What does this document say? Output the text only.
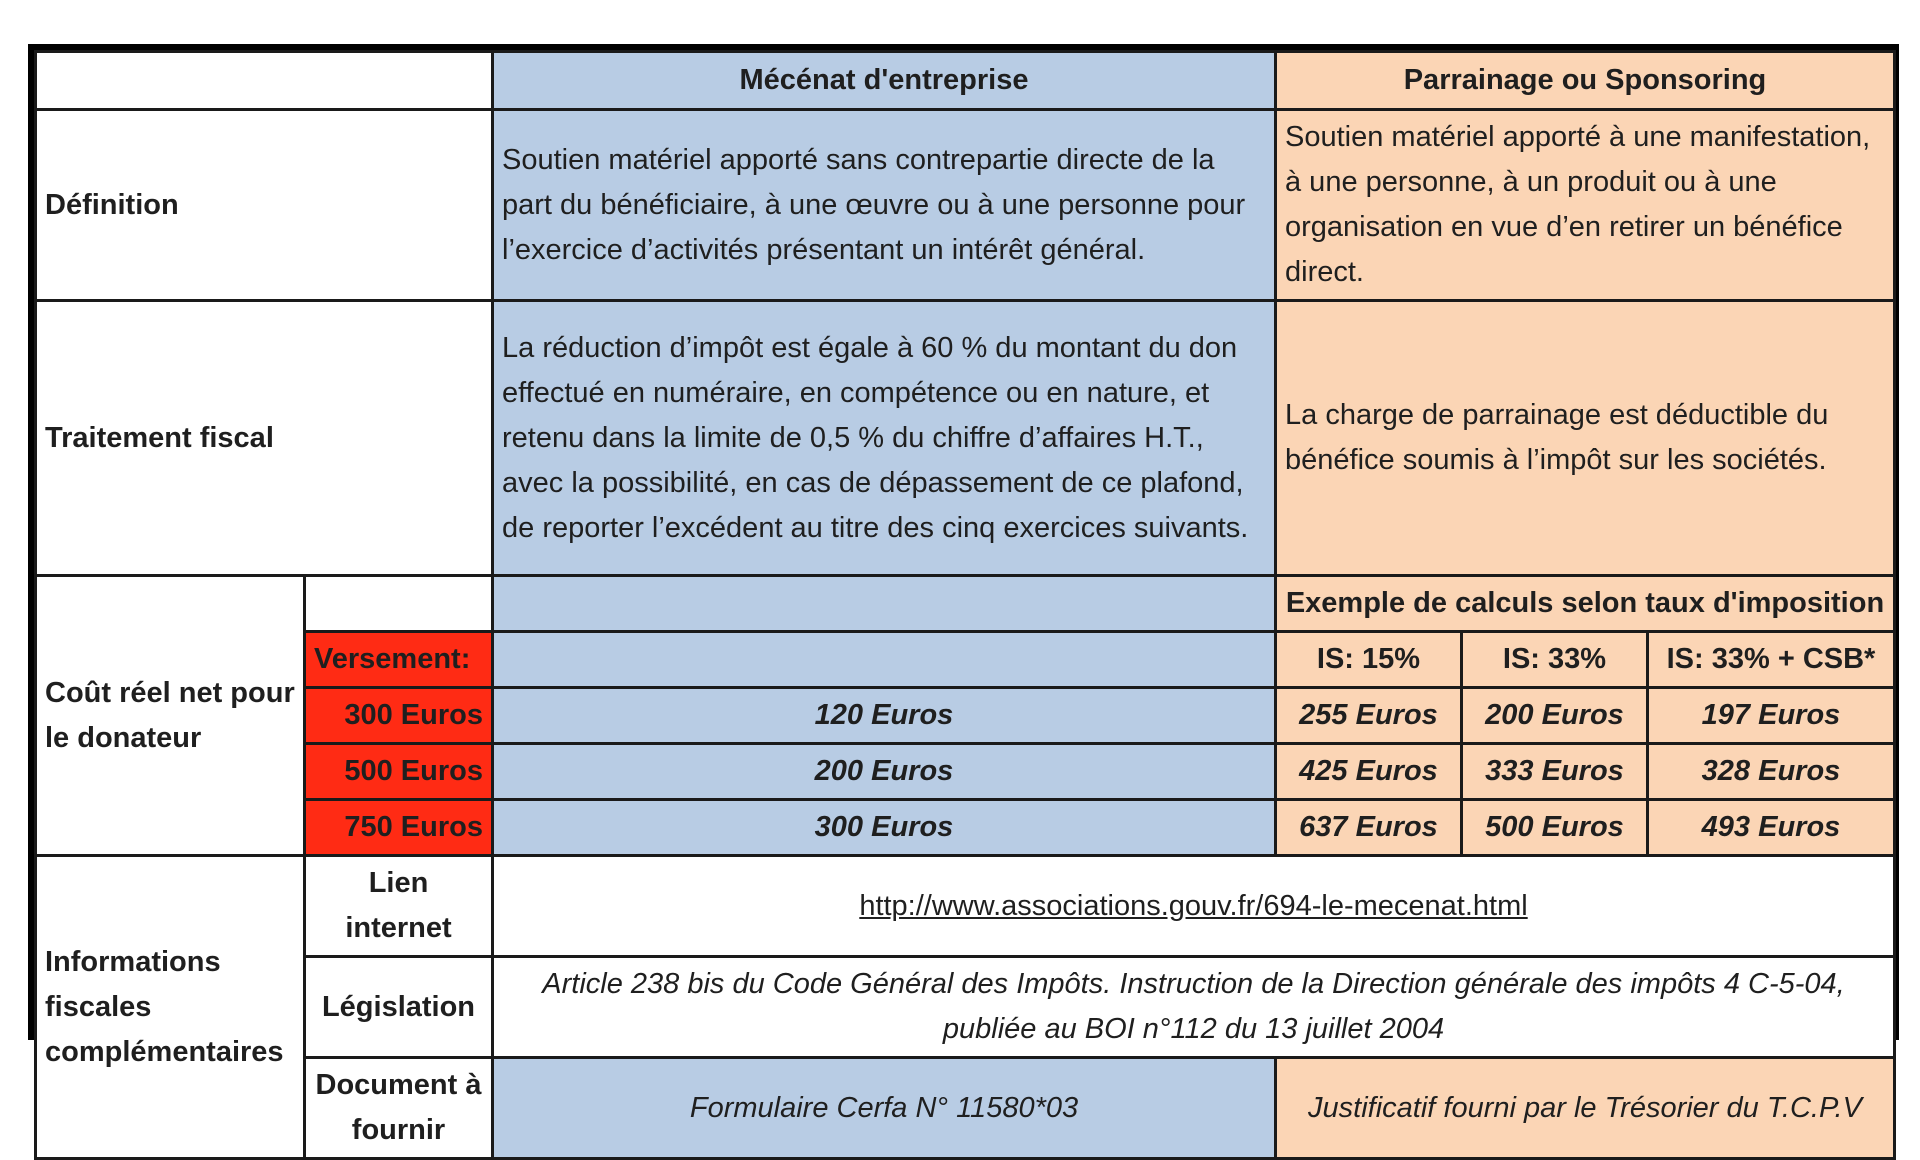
		Mécénat d'entreprise	Parrainage ou Sponsoring		
Définition		Soutien matériel apporté sans contrepartie directe de la part du bénéficiaire, à une œuvre ou à une personne pour l’exercice d’activités présentant un intérêt général.	Soutien matériel apporté à une manifestation, à une personne, à un produit ou à une organisation en vue d’en retirer un bénéfice direct.		
Traitement fiscal		La réduction d’impôt est égale à 60 % du montant du don effectué en numéraire, en compétence ou en nature, et retenu dans la limite de 0,5 % du chiffre d’affaires H.T., avec la possibilité, en cas de dépassement de ce plafond, de reporter l’excédent au titre des cinq exercices suivants.	La charge de parrainage est déductible du bénéfice soumis à l’impôt sur les sociétés.		
Coût réel net pour le donateur			Exemple de calculs selon taux d'imposition		
	Versement:		IS: 15%	IS: 33%	IS: 33% + CSB*
	300 Euros	120 Euros	255 Euros	200 Euros	197 Euros
	500 Euros	200 Euros	425 Euros	333 Euros	328 Euros
	750 Euros	300 Euros	637 Euros	500 Euros	493 Euros
Informations fiscales complémentaires	Lien internet	http://www.associations.gouv.fr/694-le-mecenat.html			
	Législation	Article 238 bis du Code Général des Impôts. Instruction de la Direction générale des impôts 4 C-5-04, publiée au BOI n°112 du 13 juillet 2004			
	Document à fournir	Formulaire Cerfa N° 11580*03	Justificatif fourni par le Trésorier du T.C.P.V		
